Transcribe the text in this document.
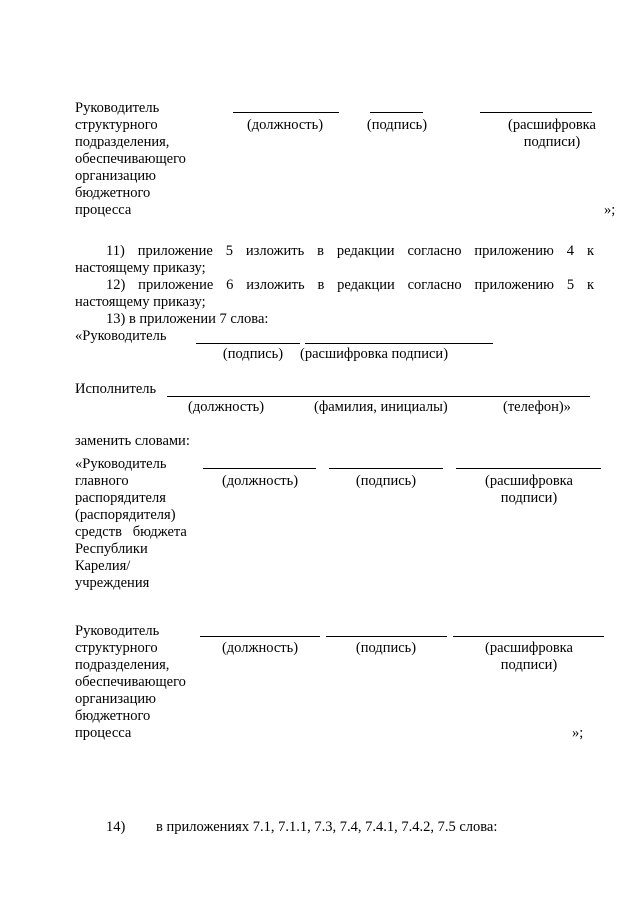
Руководитель
структурного
подразделения,
обеспечивающего
организацию
бюджетного
процесса
(должность)	(подпись)	(расшифровка
подписи)
»;
11) приложение 5 изложить в редакции согласно приложению 4 к
настоящему приказу;
12) приложение 6 изложить в редакции согласно приложению 5 к
настоящему приказу;
13) в приложении 7 слова:
«Руководитель
(подпись)	(расшифровка подписи)
Исполнитель
(должность)	(фамилия, инициалы)	(телефон)»
заменить словами:
«Руководитель
главного
распорядителя
(распорядителя)
средств   бюджета
Республики
Карелия/
учреждения
(должность)	(подпись)	(расшифровка
подписи)
Руководитель
структурного
подразделения,
обеспечивающего
организацию
бюджетного
процесса
(должность)	(подпись)	(расшифровка
подписи)
»;
14) в приложениях 7.1, 7.1.1, 7.3, 7.4, 7.4.1, 7.4.2, 7.5 слова:
